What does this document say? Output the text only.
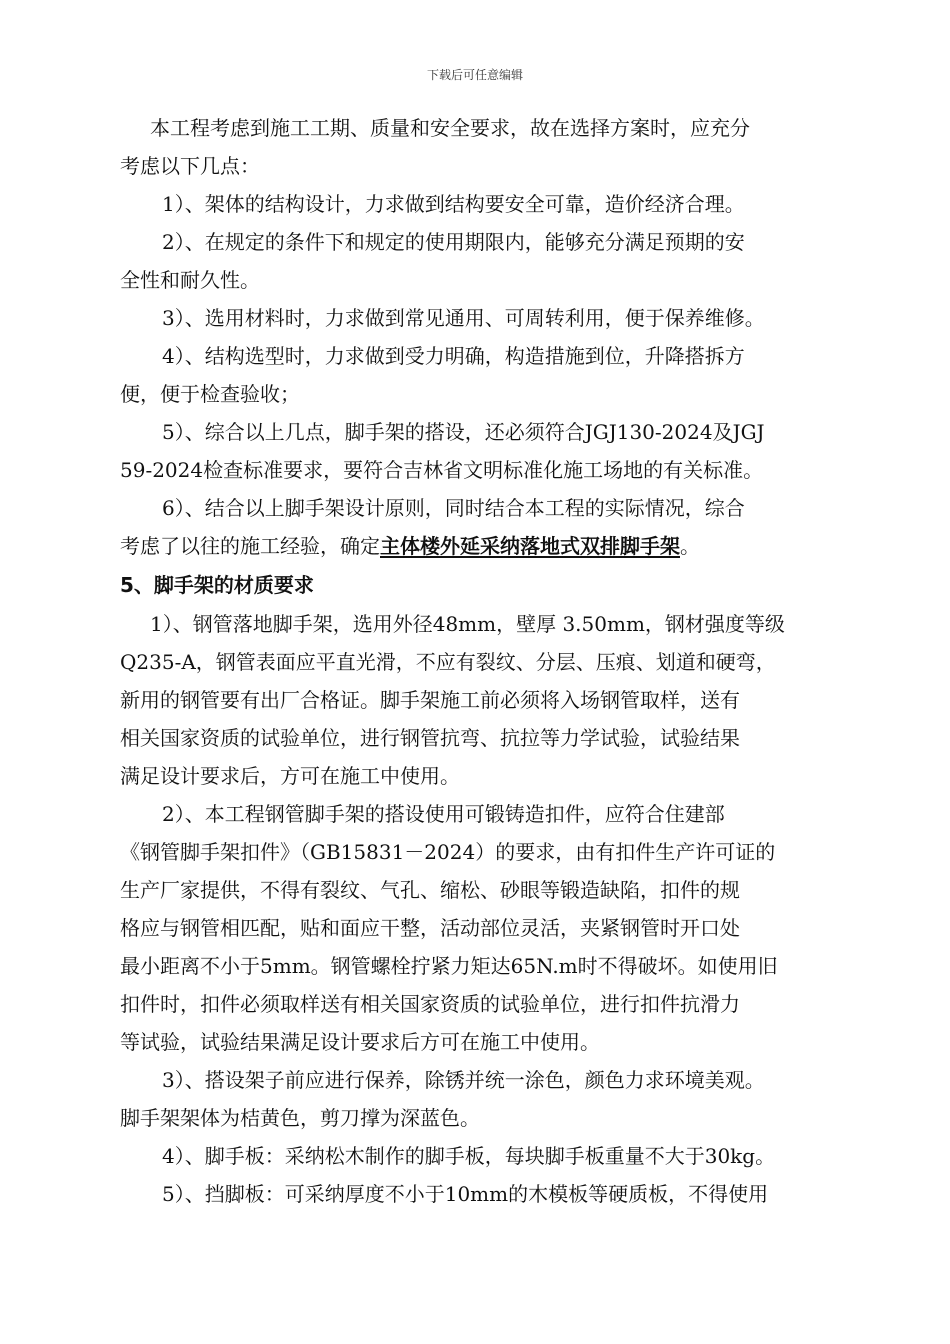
下载后可任意编辑
本工程考虑到施工工期、质量和安全要求，故在选择方案时，应充分
考虑以下几点：
1）、架体的结构设计，力求做到结构要安全可靠，造价经济合理。
2）、在规定的条件下和规定的使用期限内，能够充分满足预期的安
全性和耐久性。
3）、选用材料时，力求做到常见通用、可周转利用，便于保养维修。
4）、结构选型时，力求做到受力明确，构造措施到位，升降搭拆方
便，便于检查验收；
5）、综合以上几点，脚手架的搭设，还必须符合JGJ130-2024及JGJ
59-2024检查标准要求，要符合吉林省文明标准化施工场地的有关标准。
6）、结合以上脚手架设计原则，同时结合本工程的实际情况，综合
考虑了以往的施工经验，确定主体楼外延采纳落地式双排脚手架。
5、脚手架的材质要求
1）、钢管落地脚手架，选用外径48mm，壁厚 3.50mm，钢材强度等级
Q235-A，钢管表面应平直光滑，不应有裂纹、分层、压痕、划道和硬弯，
新用的钢管要有出厂合格证。脚手架施工前必须将入场钢管取样，送有
相关国家资质的试验单位，进行钢管抗弯、抗拉等力学试验，试验结果
满足设计要求后，方可在施工中使用。
2）、本工程钢管脚手架的搭设使用可锻铸造扣件，应符合住建部
《钢管脚手架扣件》（GB15831－2024）的要求，由有扣件生产许可证的
生产厂家提供，不得有裂纹、气孔、缩松、砂眼等锻造缺陷，扣件的规
格应与钢管相匹配，贴和面应干整，活动部位灵活，夹紧钢管时开口处
最小距离不小于5mm。钢管螺栓拧紧力矩达65N.m时不得破坏。如使用旧
扣件时，扣件必须取样送有相关国家资质的试验单位，进行扣件抗滑力
等试验，试验结果满足设计要求后方可在施工中使用。
3）、搭设架子前应进行保养，除锈并统一涂色，颜色力求环境美观。
脚手架架体为桔黄色，剪刀撑为深蓝色。
4）、脚手板：采纳松木制作的脚手板，每块脚手板重量不大于30kg。
5）、挡脚板：可采纳厚度不小于10mm的木模板等硬质板，不得使用
